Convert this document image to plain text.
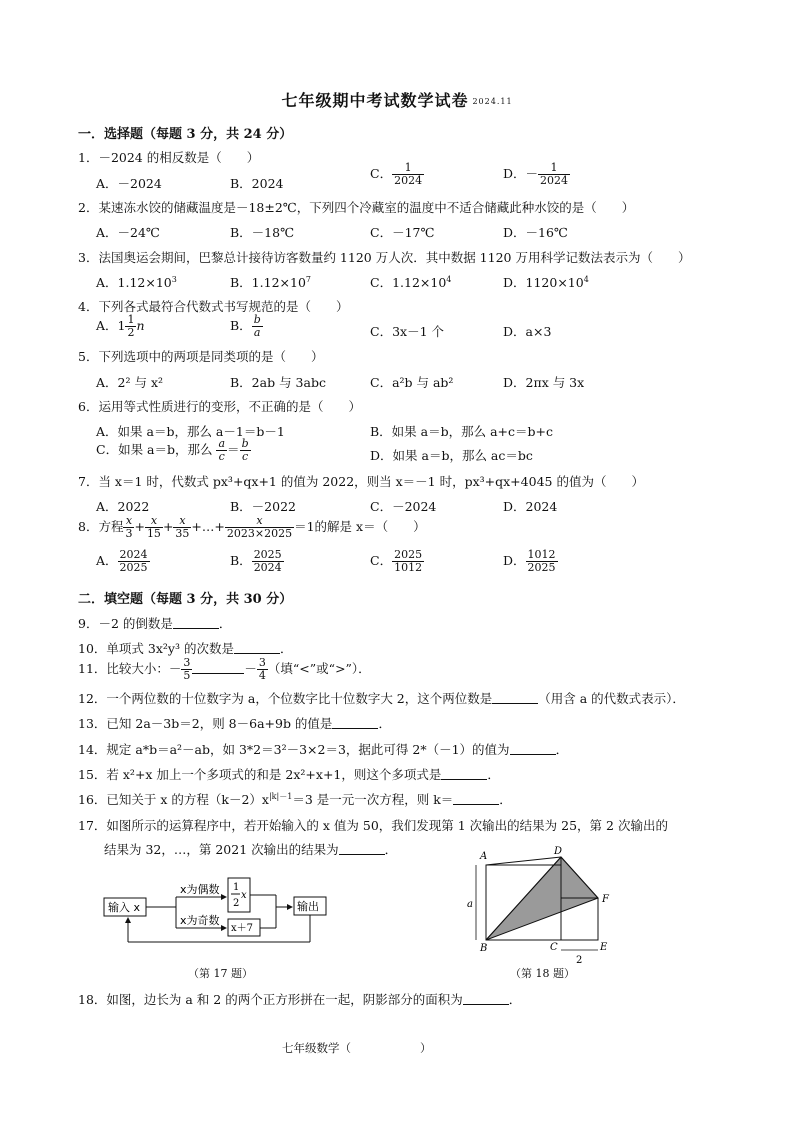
七年级期中考试数学试卷 2024.11
一．选择题（每题 3 分，共 24 分）
1．－2024 的相反数是（　　）
A．－2024	B．2024
C． $\frac{1}{2024}$	D．－ $\frac{1}{2024}$
2．某速冻水饺的储藏温度是－18±2℃，下列四个冷藏室的温度中不适合储藏此种水饺的是（　　）
A．－24℃	B．－18℃	C．－17℃	D．－16℃
3．法国奥运会期间，巴黎总计接待访客数量约 1120 万人次．其中数据 1120 万用科学记数法表示为（　　）
A．$1.12\times 10^3$	B．$1.12\times 10^7$	C．$1.12\times 10^4$	D．$1120\times 10^4$
4．下列各式最符合代数式书写规范的是（　　）
A．$1 \frac{1}{2}$ n	B． $\frac{b}{a}$	C．3x－1 个	D．a×3
5．下列选项中的两项是同类项的是（　　）
A．2² 与 x²	B．2ab 与 3abc	C．a²b 与 ab²	D．2πx 与 3x
6．运用等式性质进行的变形，不正确的是（　　）
A．如果 a＝b，那么 a－1＝b－1	B．如果 a＝b，那么 a+c＝b+c
C．如果 a＝b，那么 $\frac{a}{c} = \frac{b}{c}$	D．如果 a＝b，那么 ac＝bc
7．当 x＝1 时，代数式 px³+qx+1 的值为 2022，则当 x＝－1 时，px³+qx+4045 的值为（　　）
A．2022	B．－2022	C．－2024	D．2024
8．方程 $\frac{x}{3} + \frac{x}{15} + \frac{x}{35}$ +…+ $\frac{x}{2023\times 2025} =1$的解是 x＝（　　）
A． $\frac{2024}{2025}$	B． $\frac{2025}{2024}$	C． $\frac{2025}{1012}$	D． $\frac{1012}{2025}$
二．填空题（每题 3 分，共 30 分）
9．－2 的倒数是	．
10．单项式 3x²y³ 的次数是	．
11．比较大小：－ $\frac{3}{5}$	－ $\frac{3}{4}$ （填“<”或“>”）．
12．一个两位数的十位数字为 a，个位数字比十位数字大 2，这个两位数是	（用含 a 的代数式表示）．
13．已知 2a－3b＝2，则 8－6a+9b 的值是	．
14．规定 a*b＝a²－ab，如 3*2＝3²－3×2＝3，据此可得 2*（－1）的值为	．
15．若 x²+x 加上一个多项式的和是 2x²+x+1，则这个多项式是	．
16．已知关于 x 的方程$(k-2)x^{|k|-1}=3$ 是一元一次方程，则 k＝	．
17．如图所示的运算程序中，若开始输入的 x 值为 50，我们发现第 1 次输出的结果为 25，第 2 次输出的
结果为 32，…，第 2021 次输出的结果为	．
输入 x
x为偶数
x为奇数
1
2
x
x＋7
输出
（第 17 题）
A	D
F
B	C	E
a
2
（第 18 题）
18．如图，边长为 a 和 2 的两个正方形拼在一起，阴影部分的面积为	．
七年级数学（　　　　　　）
